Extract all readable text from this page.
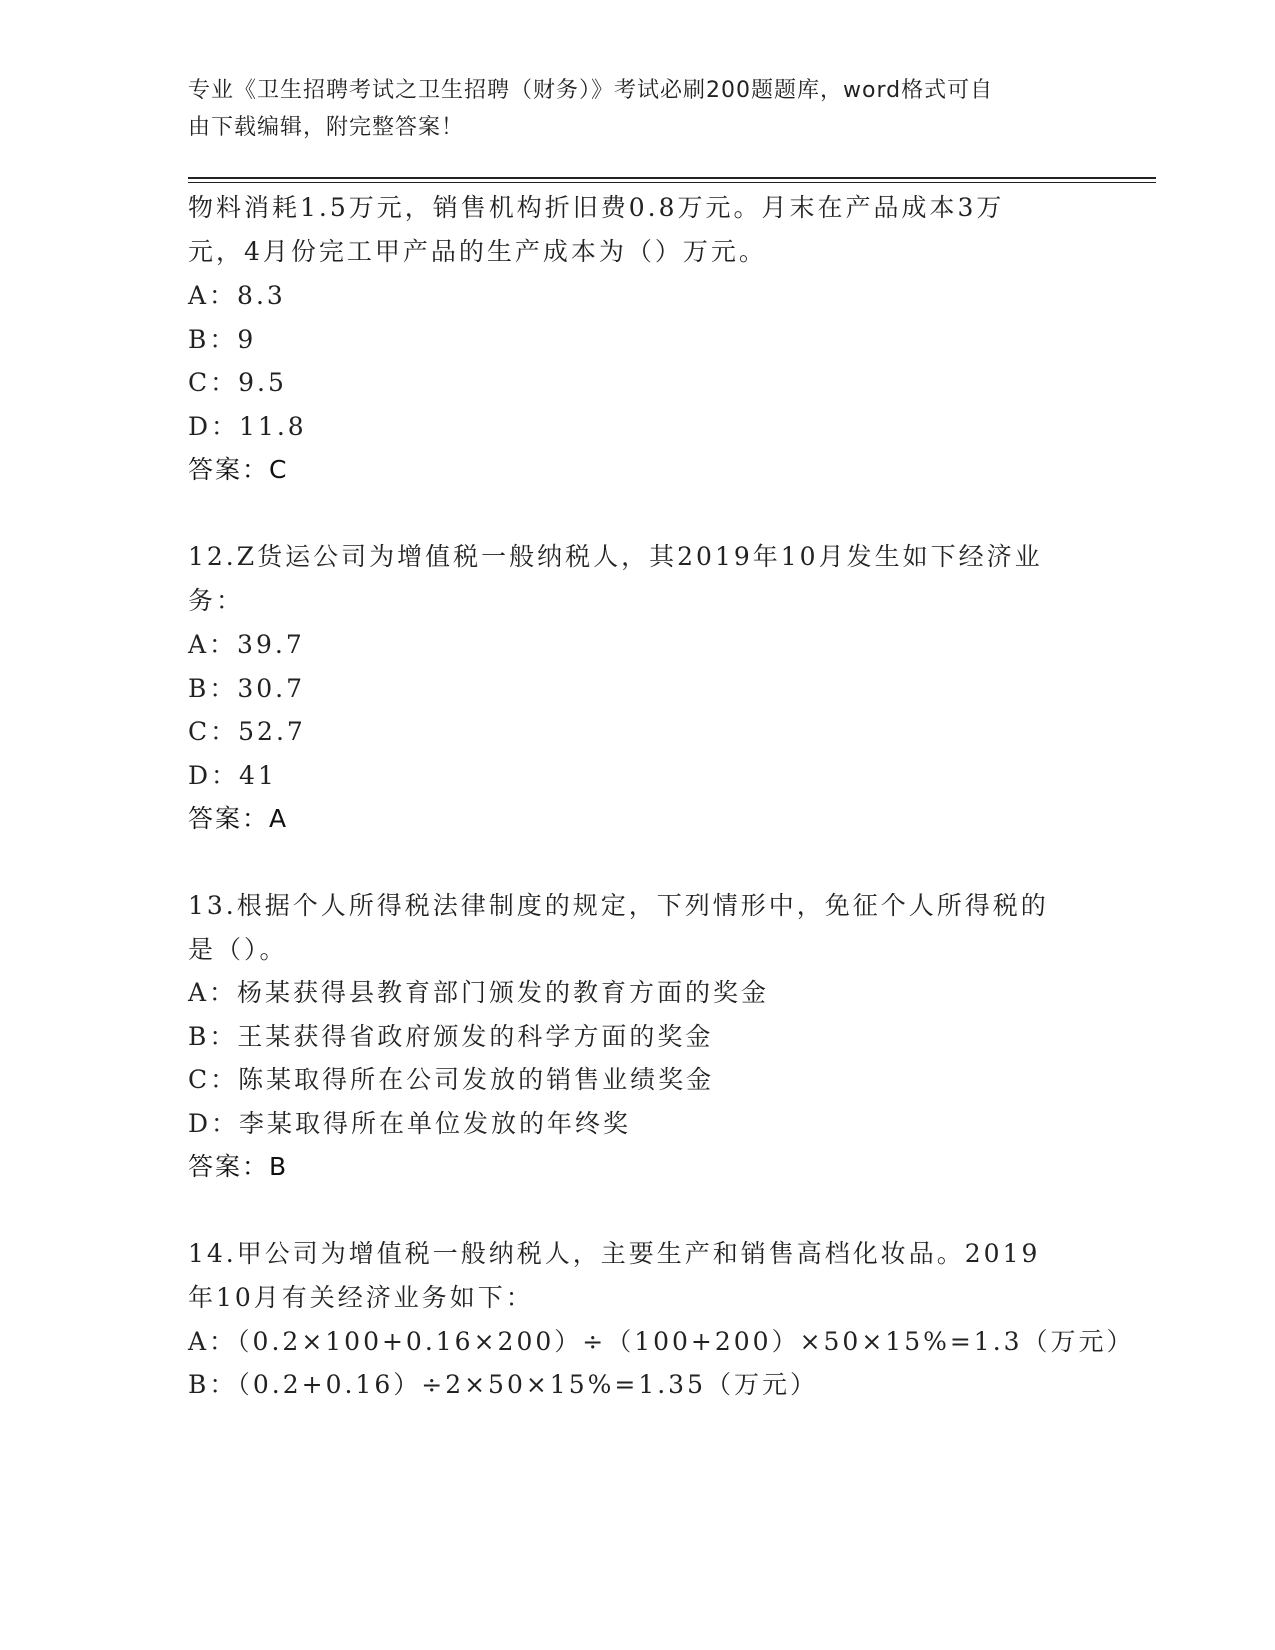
专业《卫生招聘考试之卫生招聘（财务）》考试必刷200题题库，word格式可自
由下载编辑，附完整答案！
物料消耗1.5万元，销售机构折旧费0.8万元。月末在产品成本3万
元，4月份完工甲产品的生产成本为（）万元。
A：8.3
B：9
C：9.5
D：11.8
答案：C
12.Z货运公司为增值税一般纳税人，其2019年10月发生如下经济业
务：
A：39.7
B：30.7
C：52.7
D：41
答案：A
13.根据个人所得税法律制度的规定，下列情形中，免征个人所得税的
是（）。
A：杨某获得县教育部门颁发的教育方面的奖金
B：王某获得省政府颁发的科学方面的奖金
C：陈某取得所在公司发放的销售业绩奖金
D：李某取得所在单位发放的年终奖
答案：B
14.甲公司为增值税一般纳税人，主要生产和销售高档化妆品。2019
年10月有关经济业务如下：
A：（0.2×100+0.16×200）÷（100+200）×50×15%=1.3（万元）
B：（0.2+0.16）÷2×50×15%=1.35（万元）
